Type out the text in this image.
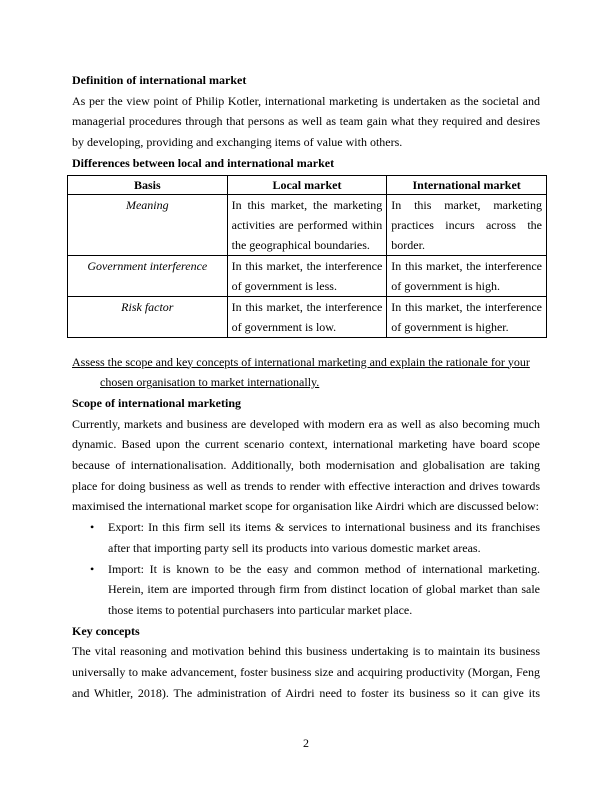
Definition of international market

As per the view point of Philip Kotler, international marketing is undertaken as the societal and managerial procedures through that persons as well as team gain what they required and desires by developing, providing and exchanging items of value with others.

Differences between local and international market

Basis	Local market	International market
Meaning	In this market, the marketing activities are performed within the geographical boundaries.	In this market, marketing practices incurs across the border.
Government interference	In this market, the interference of government is less.	In this market, the interference of government is high.
Risk factor	In this market, the interference of government is low.	In this market, the interference of government is higher.

Assess the scope and key concepts of international marketing and explain the rationale for your
chosen organisation to market internationally.

Scope of international marketing

Currently, markets and business are developed with modern era as well as also becoming much dynamic. Based upon the current scenario context, international marketing have board scope because of internationalisation. Additionally, both modernisation and globalisation are taking place for doing business as well as trends to render with effective interaction and drives towards maximised the international market scope for organisation like Airdri which are discussed below:

• Export: In this firm sell its items & services to international business and its franchises after that importing party sell its products into various domestic market areas.
• Import: It is known to be the easy and common method of international marketing. Herein, item are imported through firm from distinct location of global market than sale those items to potential purchasers into particular market place.

Key concepts

The vital reasoning and motivation behind this business undertaking is to maintain its business universally to make advancement, foster business size and acquiring productivity (Morgan, Feng and Whitler, 2018). The administration of Airdri need to foster its business so it can give its

2
